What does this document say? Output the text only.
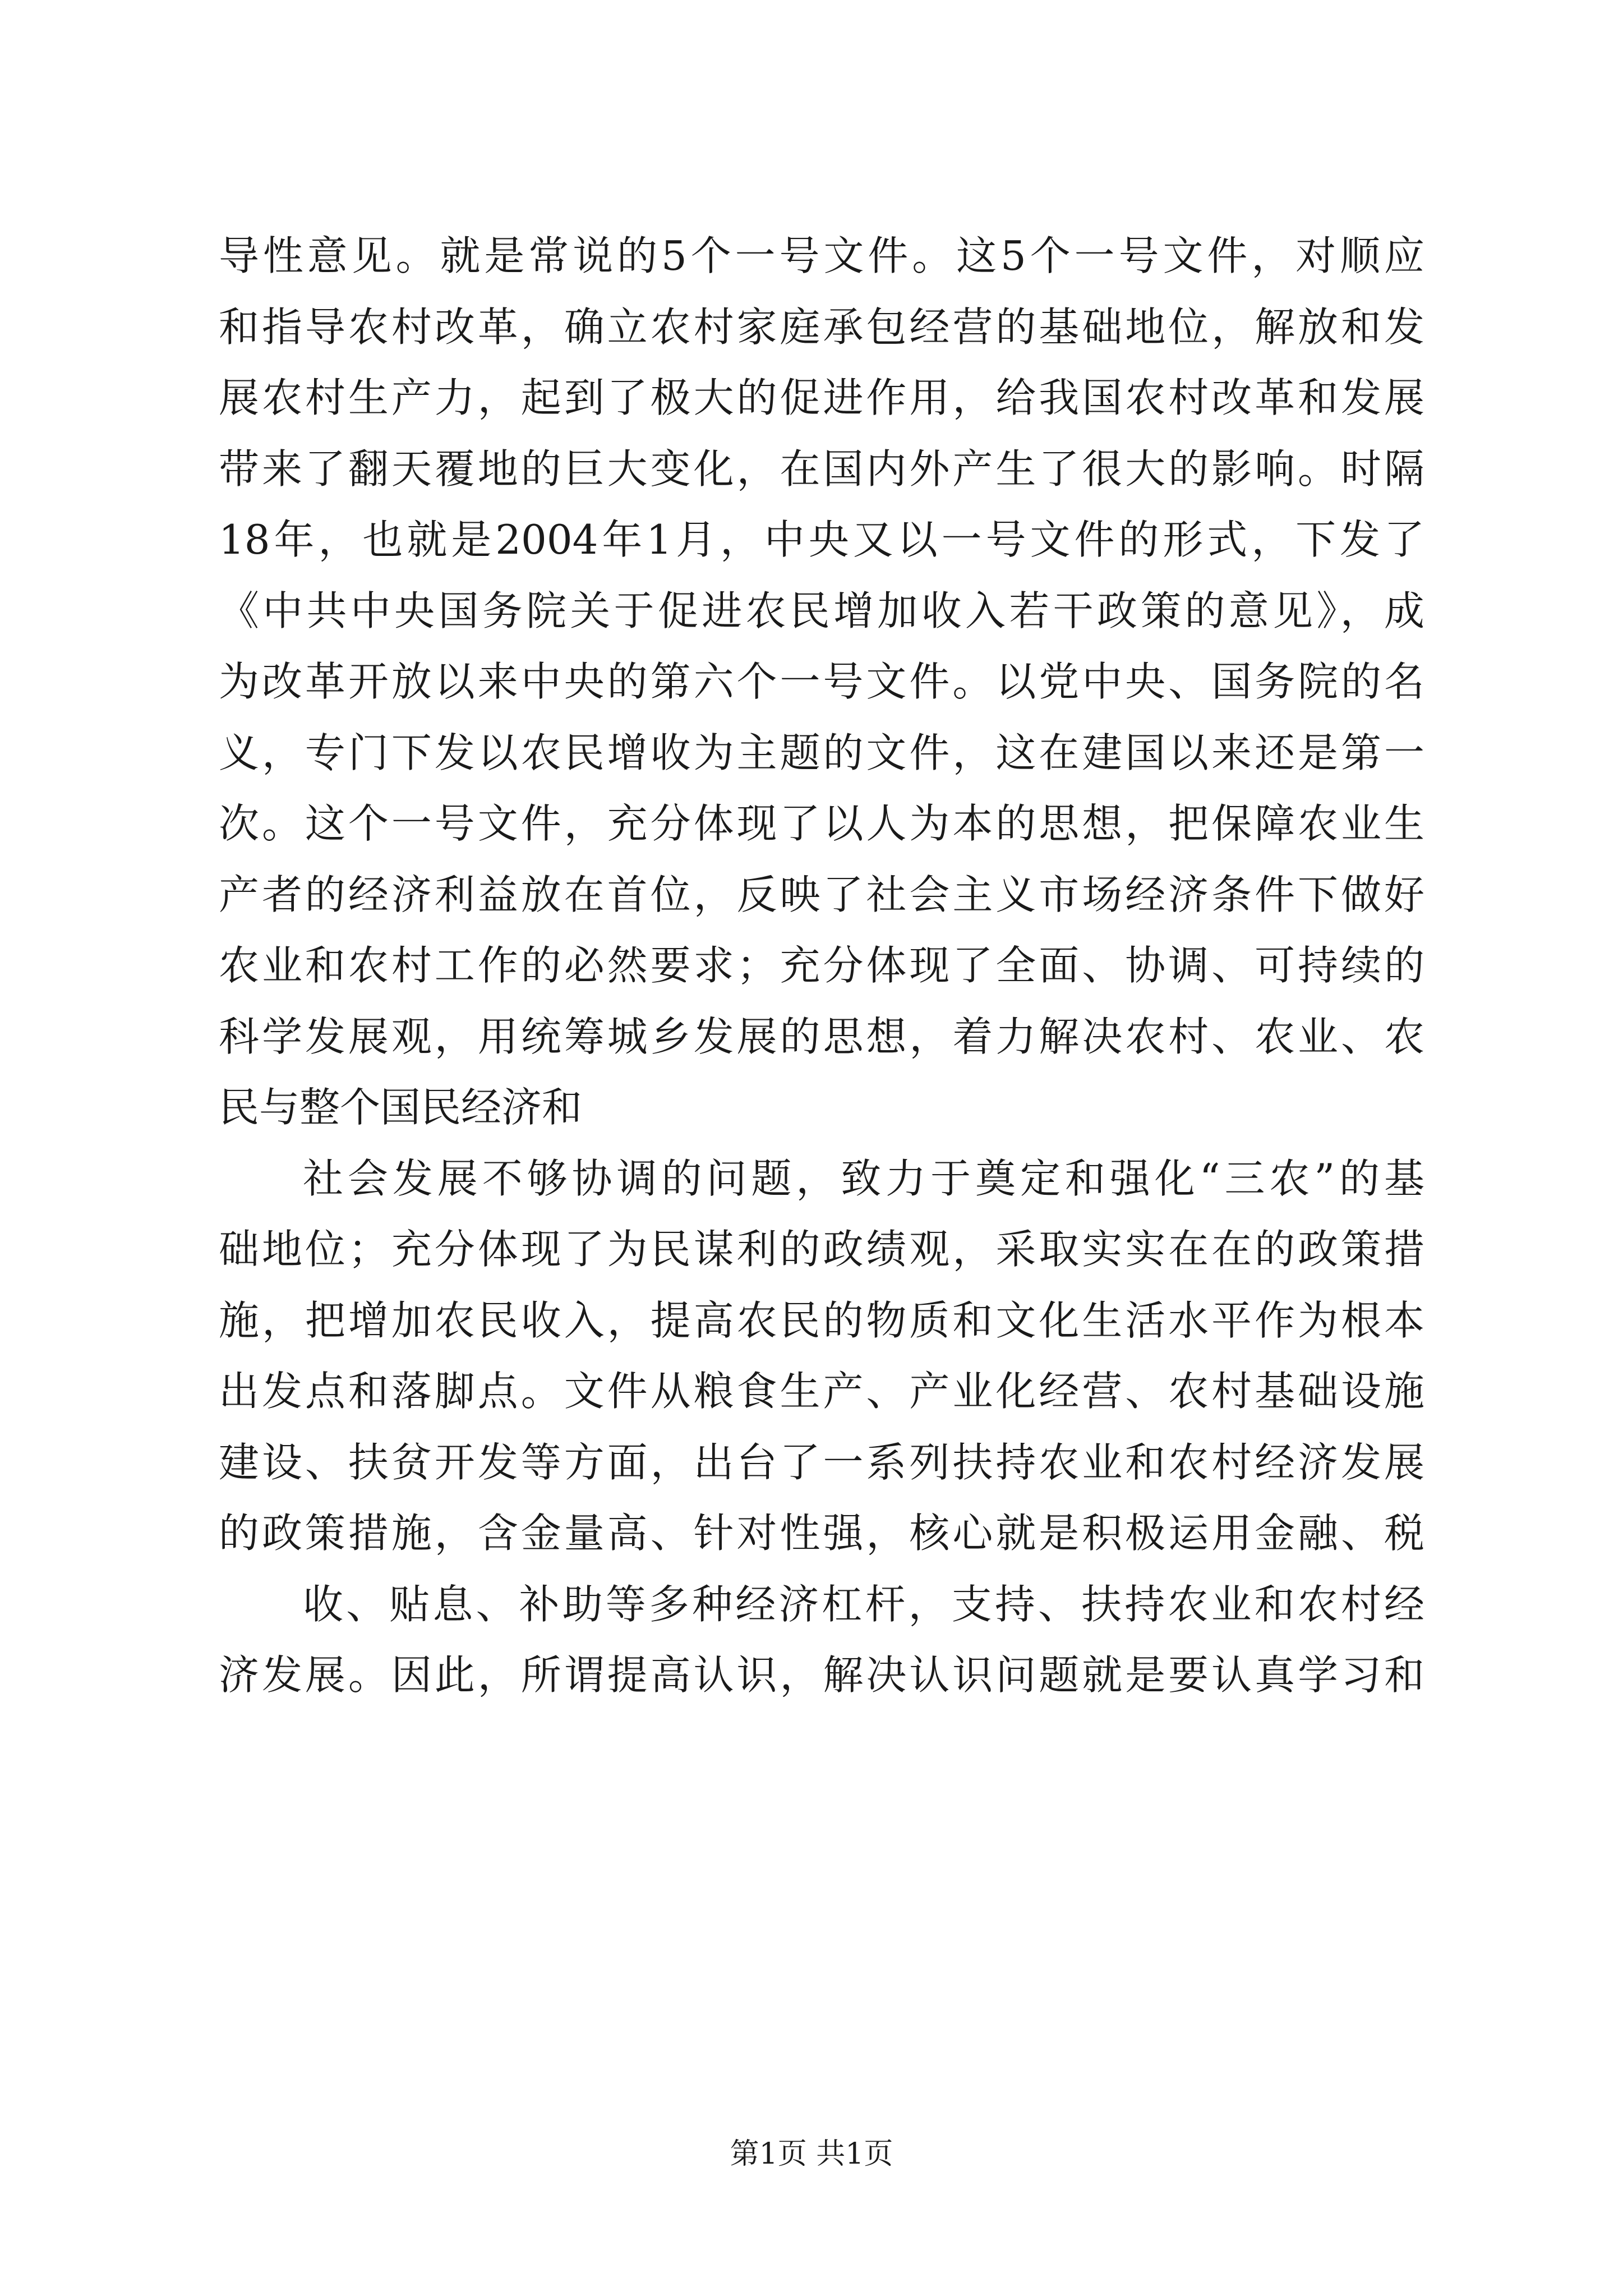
导性意见。就是常说的5个一号文件。这5个一号文件，对顺应
和指导农村改革，确立农村家庭承包经营的基础地位，解放和发
展农村生产力，起到了极大的促进作用，给我国农村改革和发展
带来了翻天覆地的巨大变化，在国内外产生了很大的影响。时隔
18年，也就是2004年1月，中央又以一号文件的形式，下发了
《中共中央国务院关于促进农民增加收入若干政策的意见》，成
为改革开放以来中央的第六个一号文件。以党中央、国务院的名
义，专门下发以农民增收为主题的文件，这在建国以来还是第一
次。这个一号文件，充分体现了以人为本的思想，把保障农业生
产者的经济利益放在首位，反映了社会主义市场经济条件下做好
农业和农村工作的必然要求；充分体现了全面、协调、可持续的
科学发展观，用统筹城乡发展的思想，着力解决农村、农业、农
民与整个国民经济和
社会发展不够协调的问题，致力于奠定和强化“三农”的基
础地位；充分体现了为民谋利的政绩观，采取实实在在的政策措
施，把增加农民收入，提高农民的物质和文化生活水平作为根本
出发点和落脚点。文件从粮食生产、产业化经营、农村基础设施
建设、扶贫开发等方面，出台了一系列扶持农业和农村经济发展
的政策措施，含金量高、针对性强，核心就是积极运用金融、税
收、贴息、补助等多种经济杠杆，支持、扶持农业和农村经
济发展。因此，所谓提高认识，解决认识问题就是要认真学习和
第1页 共1页
